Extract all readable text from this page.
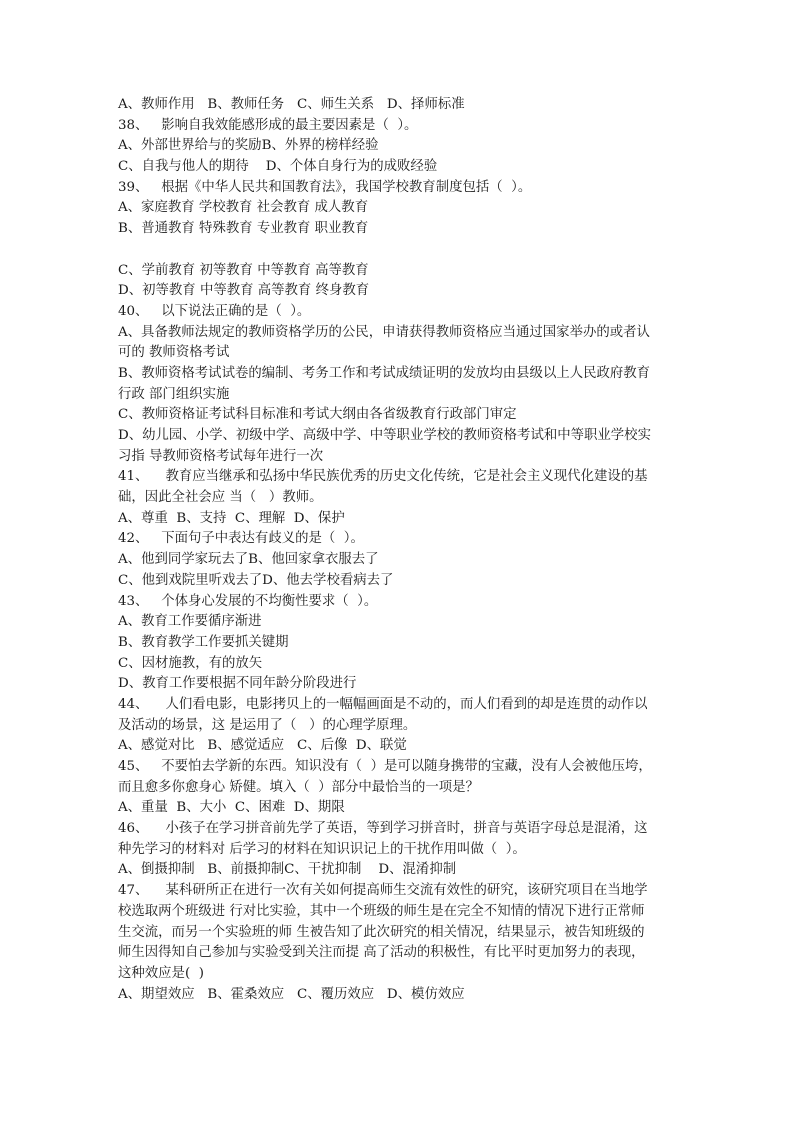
A、教师作用   B、教师任务   C、师生关系   D、择师标准
38、   影响自我效能感形成的最主要因素是（  ）。
A、外部世界给与的奖励B、外界的榜样经验
C、自我与他人的期待    D、个体自身行为的成败经验
39、   根据《中华人民共和国教育法》，我国学校教育制度包括（  ）。
A、家庭教育 学校教育 社会教育 成人教育
B、普通教育 特殊教育 专业教育 职业教育
C、学前教育 初等教育 中等教育 高等教育
D、初等教育 中等教育 高等教育 终身教育
40、   以下说法正确的是（  ）。
A、具备教师法规定的教师资格学历的公民，申请获得教师资格应当通过国家举办的或者认
可的 教师资格考试
B、教师资格考试试卷的编制、考务工作和考试成绩证明的发放均由县级以上人民政府教育
行政 部门组织实施
C、教师资格证考试科目标准和考试大纲由各省级教育行政部门审定
D、幼儿园、小学、初级中学、高级中学、中等职业学校的教师资格考试和中等职业学校实
习指 导教师资格考试每年进行一次
41、    教育应当继承和弘扬中华民族优秀的历史文化传统，它是社会主义现代化建设的基
础，因此全社会应 当（   ）教师。
A、尊重  B、支持  C、理解  D、保护
42、   下面句子中表达有歧义的是（  ）。
A、他到同学家玩去了B、他回家拿衣服去了
C、他到戏院里听戏去了D、他去学校看病去了
43、   个体身心发展的不均衡性要求（  ）。
A、教育工作要循序渐进
B、教育教学工作要抓关键期
C、因材施教，有的放矢
D、教育工作要根据不同年龄分阶段进行
44、    人们看电影，电影拷贝上的一幅幅画面是不动的，而人们看到的却是连贯的动作以
及活动的场景，这 是运用了（   ）的心理学原理。
A、感觉对比   B、感觉适应   C、后像  D、联觉
45、   不要怕去学新的东西。知识没有（  ）是可以随身携带的宝藏，没有人会被他压垮，
而且愈多你愈身心 矫健。填入（  ）部分中最恰当的一项是？
A、重量  B、大小  C、困难  D、期限
46、    小孩子在学习拼音前先学了英语，等到学习拼音时，拼音与英语字母总是混淆，这
种先学习的材料对 后学习的材料在知识识记上的干扰作用叫做（  ）。
A、倒摄抑制   B、前摄抑制C、干扰抑制    D、混淆抑制
47、    某科研所正在进行一次有关如何提高师生交流有效性的研究，该研究项目在当地学
校选取两个班级进 行对比实验，其中一个班级的师生是在完全不知情的情况下进行正常师
生交流，而另一个实验班的师 生被告知了此次研究的相关情况，结果显示，被告知班级的
师生因得知自己参加与实验受到关注而提 高了活动的积极性，有比平时更加努力的表现，
这种效应是(  )
A、期望效应   B、霍桑效应   C、覆历效应   D、模仿效应
